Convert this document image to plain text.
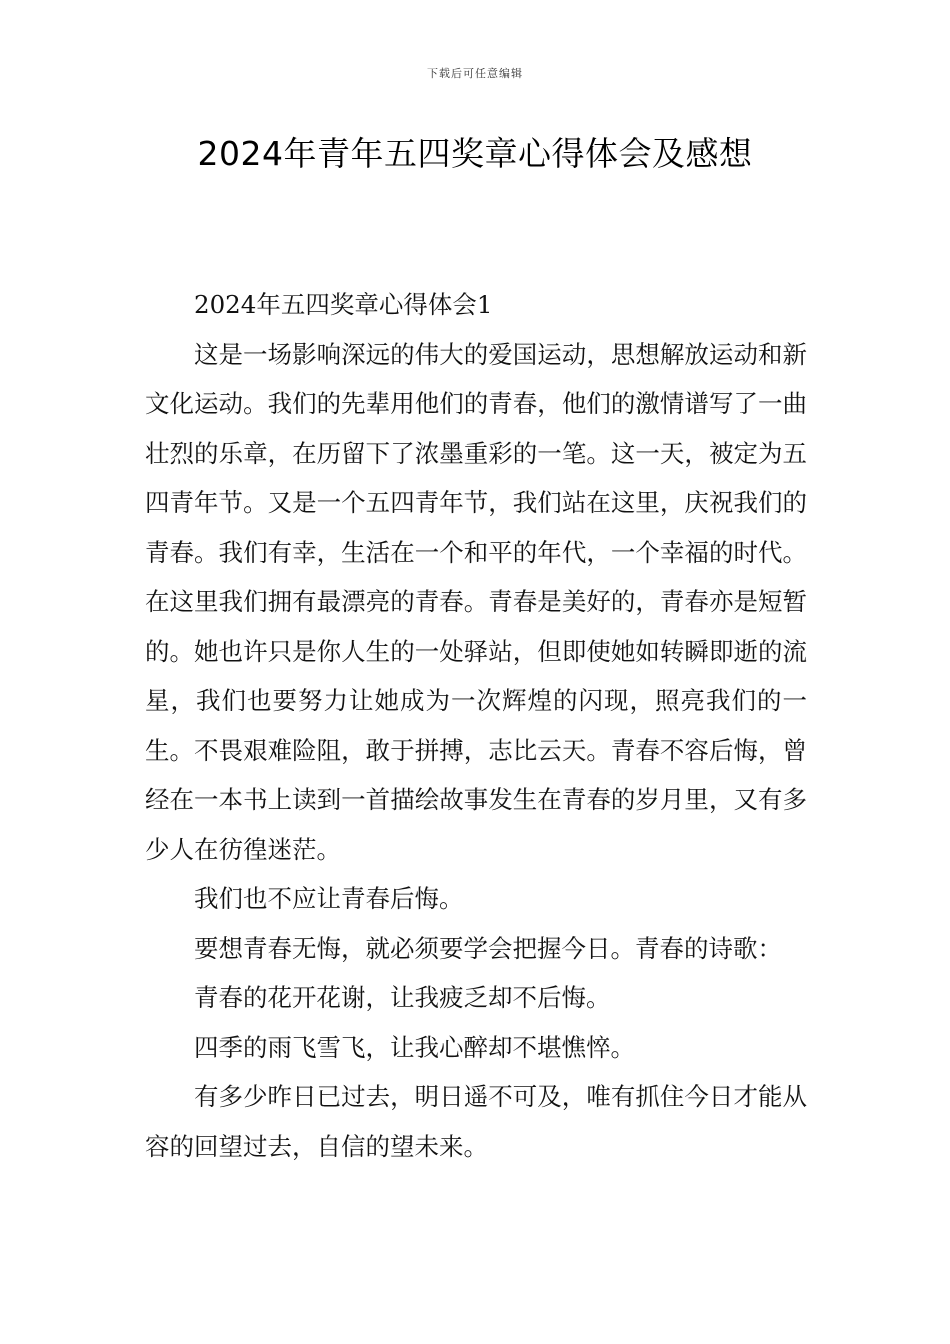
下载后可任意编辑
2024年青年五四奖章心得体会及感想

2024年五四奖章心得体会1

这是一场影响深远的伟大的爱国运动，思想解放运动和新文化运动。我们的先辈用他们的青春，他们的激情谱写了一曲壮烈的乐章，在历留下了浓墨重彩的一笔。这一天，被定为五四青年节。又是一个五四青年节，我们站在这里，庆祝我们的青春。我们有幸，生活在一个和平的年代，一个幸福的时代。在这里我们拥有最漂亮的青春。青春是美好的，青春亦是短暂的。她也许只是你人生的一处驿站，但即使她如转瞬即逝的流星，我们也要努力让她成为一次辉煌的闪现，照亮我们的一生。不畏艰难险阻，敢于拼搏，志比云天。青春不容后悔，曾经在一本书上读到一首描绘故事发生在青春的岁月里，又有多少人在彷徨迷茫。

我们也不应让青春后悔。

要想青春无悔，就必须要学会把握今日。青春的诗歌：

青春的花开花谢，让我疲乏却不后悔。

四季的雨飞雪飞，让我心醉却不堪憔悴。

有多少昨日已过去，明日遥不可及，唯有抓住今日才能从容的回望过去，自信的望未来。
